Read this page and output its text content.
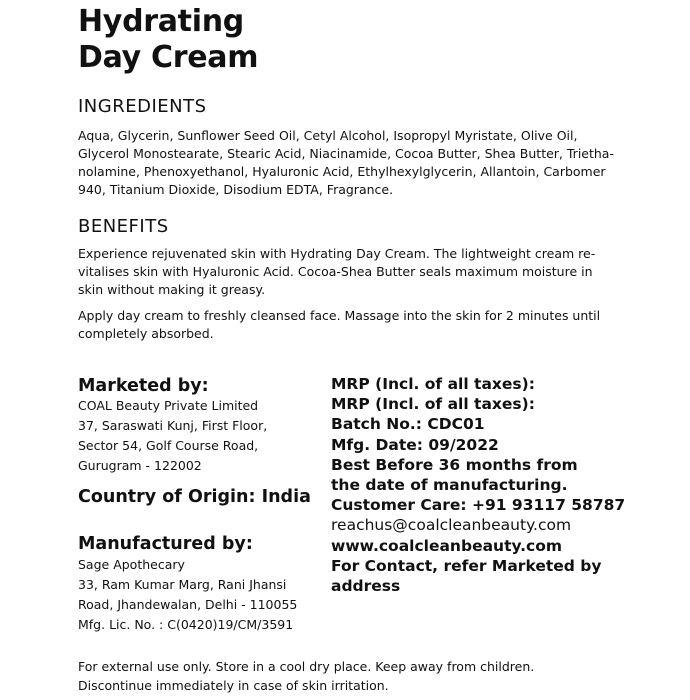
Hydrating
Day Cream
INGREDIENTS
Aqua, Glycerin, Sunflower Seed Oil, Cetyl Alcohol, Isopropyl Myristate, Olive Oil,
Glycerol Monostearate, Stearic Acid, Niacinamide, Cocoa Butter, Shea Butter, Trietha-
nolamine, Phenoxyethanol, Hyaluronic Acid, Ethylhexylglycerin, Allantoin, Carbomer
940, Titanium Dioxide, Disodium EDTA, Fragrance.
BENEFITS
Experience rejuvenated skin with Hydrating Day Cream. The lightweight cream re-
vitalises skin with Hyaluronic Acid. Cocoa-Shea Butter seals maximum moisture in
skin without making it greasy.
Apply day cream to freshly cleansed face. Massage into the skin for 2 minutes until
completely absorbed.
Marketed by:
COAL Beauty Private Limited
37, Saraswati Kunj, First Floor,
Sector 54, Golf Course Road,
Gurugram - 122002
Country of Origin: India
Manufactured by:
Sage Apothecary
33, Ram Kumar Marg, Rani Jhansi
Road, Jhandewalan, Delhi - 110055
Mfg. Lic. No. : C(0420)19/CM/3591
MRP (Incl. of all taxes):
MRP (Incl. of all taxes):
Batch No.: CDC01
Mfg. Date: 09/2022
Best Before 36 months from
the date of manufacturing.
Customer Care: +91 93117 58787
reachus@coalcleanbeauty.com
www.coalcleanbeauty.com
For Contact, refer Marketed by
address
For external use only. Store in a cool dry place. Keep away from children.
Discontinue immediately in case of skin irritation.
